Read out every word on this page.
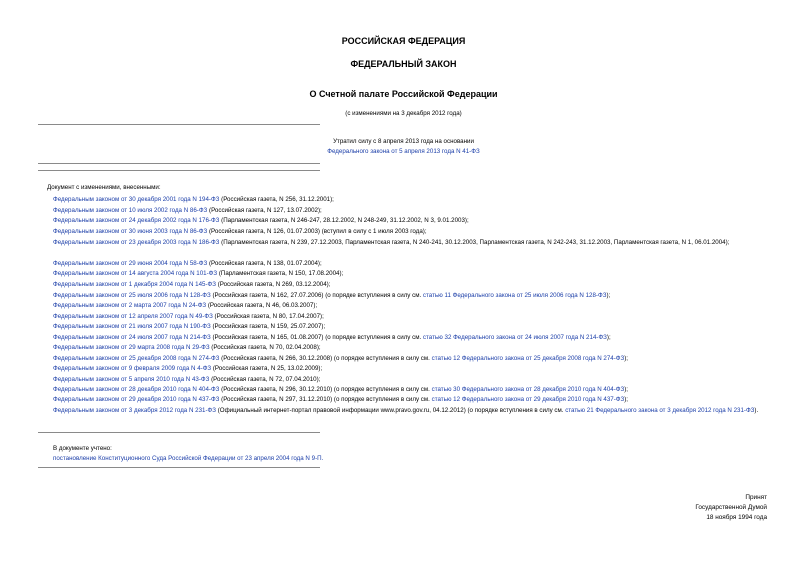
РОССИЙСКАЯ ФЕДЕРАЦИЯ
ФЕДЕРАЛЬНЫЙ ЗАКОН
О Счетной палате Российской Федерации
(с изменениями на 3 декабря 2012 года)
Утратил силу с 8 апреля 2013 года на основании
Федерального закона от 5 апреля 2013 года N 41-ФЗ
Документ с изменениями, внесенными:
Федеральным законом от 30 декабря 2001 года N 194-ФЗ (Российская газета, N 256, 31.12.2001);
Федеральным законом от 10 июля 2002 года N 86-ФЗ (Российская газета, N 127, 13.07.2002);
Федеральным законом от 24 декабря 2002 года N 176-ФЗ (Парламентская газета, N 246-247, 28.12.2002, N 248-249, 31.12.2002, N 3, 9.01.2003);
Федеральным законом от 30 июня 2003 года N 86-ФЗ (Российская газета, N 126, 01.07.2003) (вступил в силу с 1 июля 2003 года);
Федеральным законом от 23 декабря 2003 года N 186-ФЗ (Парламентская газета, N 239, 27.12.2003, Парламентская газета, N 240-241, 30.12.2003, Парламентская газета, N 242-243, 31.12.2003, Парламентская газета, N 1, 06.01.2004);
Федеральным законом от 29 июня 2004 года N 58-ФЗ (Российская газета, N 138, 01.07.2004);
Федеральным законом от 14 августа 2004 года N 101-ФЗ (Парламентская газета, N 150, 17.08.2004);
Федеральным законом от 1 декабря 2004 года N 145-ФЗ (Российская газета, N 269, 03.12.2004);
Федеральным законом от 25 июля 2006 года N 128-ФЗ (Российская газета, N 162, 27.07.2006) (о порядке вступления в силу см. статью 11 Федерального закона от 25 июля 2006 года N 128-ФЗ);
Федеральным законом от 2 марта 2007 года N 24-ФЗ (Российская газета, N 46, 06.03.2007);
Федеральным законом от 12 апреля 2007 года N 49-ФЗ (Российская газета, N 80, 17.04.2007);
Федеральным законом от 21 июля 2007 года N 190-ФЗ (Российская газета, N 159, 25.07.2007);
Федеральным законом от 24 июля 2007 года N 214-ФЗ (Российская газета, N 165, 01.08.2007) (о порядке вступления в силу см. статью 32 Федерального закона от 24 июля 2007 года N 214-ФЗ);
Федеральным законом от 29 марта 2008 года N 29-ФЗ (Российская газета, N 70, 02.04.2008);
Федеральным законом от 25 декабря 2008 года N 274-ФЗ (Российская газета, N 266, 30.12.2008) (о порядке вступления в силу см. статью 12 Федерального закона от 25 декабря 2008 года N 274-ФЗ);
Федеральным законом от 9 февраля 2009 года N 4-ФЗ (Российская газета, N 25, 13.02.2009);
Федеральным законом от 5 апреля 2010 года N 43-ФЗ (Российская газета, N 72, 07.04.2010);
Федеральным законом от 28 декабря 2010 года N 404-ФЗ (Российская газета, N 296, 30.12.2010) (о порядке вступления в силу см. статью 30 Федерального закона от 28 декабря 2010 года N 404-ФЗ);
Федеральным законом от 29 декабря 2010 года N 437-ФЗ (Российская газета, N 297, 31.12.2010) (о порядке вступления в силу см. статью 12 Федерального закона от 29 декабря 2010 года N 437-ФЗ);
Федеральным законом от 3 декабря 2012 года N 231-ФЗ (Официальный интернет-портал правовой информации www.pravo.gov.ru, 04.12.2012) (о порядке вступления в силу см. статью 21 Федерального закона от 3 декабря 2012 года N 231-ФЗ).
В документе учтено:
постановление Конституционного Суда Российской Федерации от 23 апреля 2004 года N 9-П.
Принят
Государственной Думой
18 ноября 1994 года
